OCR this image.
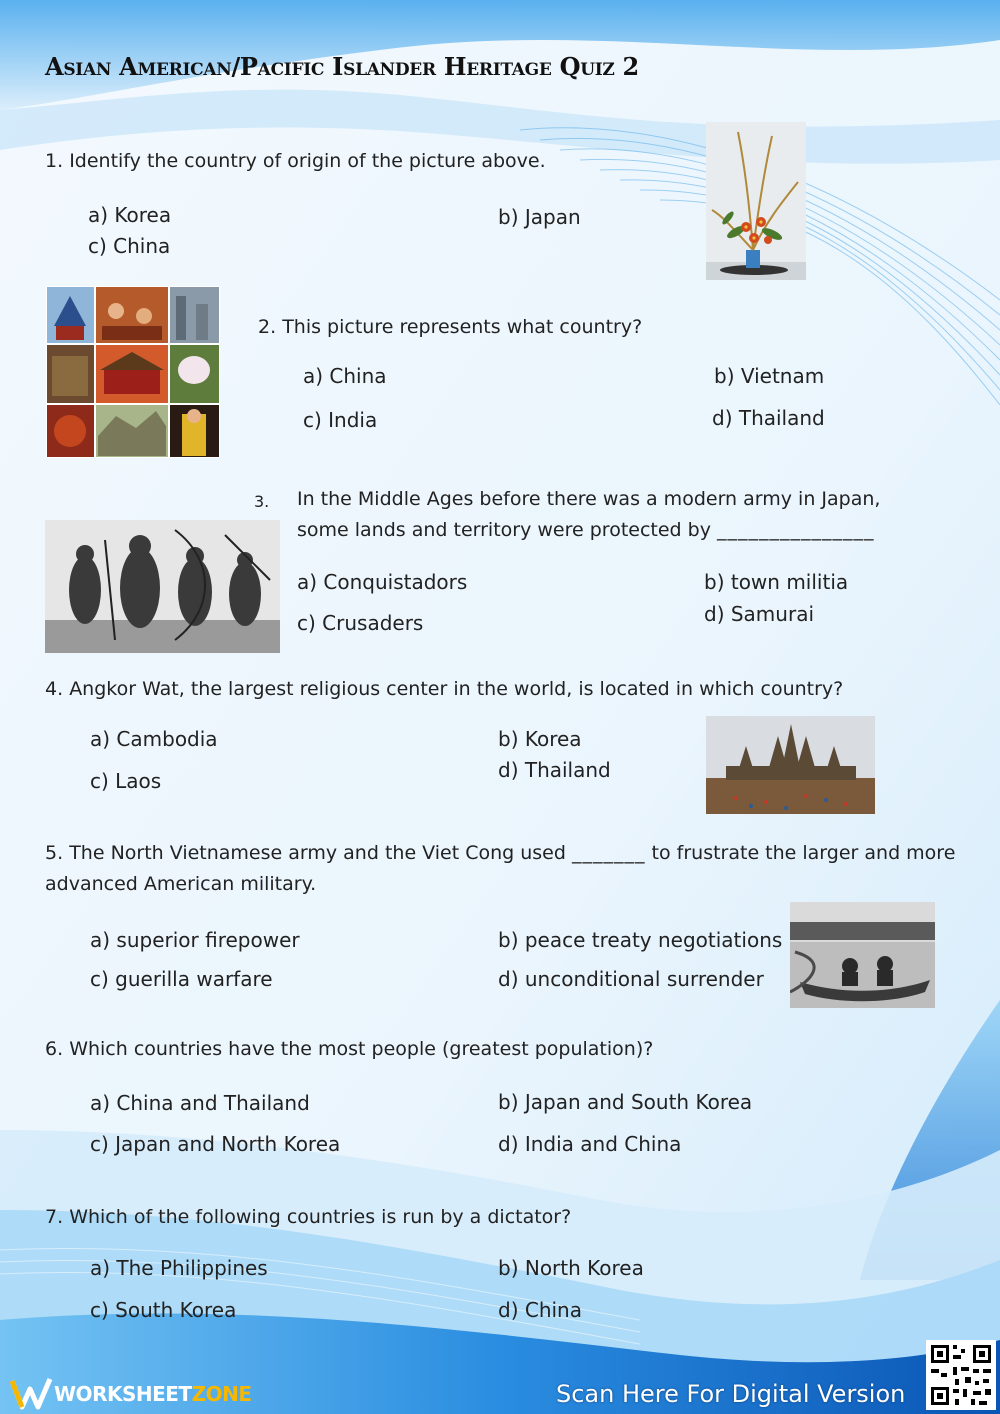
Asian American/Pacific Islander Heritage Quiz 2
1. Identify the country of origin of the picture above.
a) Korea	b) Japan
c) China
2. This picture represents what country?
a) China	b) Vietnam
c) India	d) Thailand
3. In the Middle Ages before there was a modern army in Japan,
some lands and territory were protected by _______________
a) Conquistadors	b) town militia
c) Crusaders	d) Samurai
4. Angkor Wat, the largest religious center in the world, is located in which country?
a) Cambodia	b) Korea
c) Laos	d) Thailand
5. The North Vietnamese army and the Viet Cong used _______ to frustrate the larger and more
advanced American military.
a) superior firepower	b) peace treaty negotiations
c) guerilla warfare	d) unconditional surrender
6. Which countries have the most people (greatest population)?
a) China and Thailand	b) Japan and South Korea
c) Japan and North Korea	d) India and China
7. Which of the following countries is run by a dictator?
a) The Philippines	b) North Korea
c) South Korea	d) China
WORKSHEETZONE	Scan Here For Digital Version
